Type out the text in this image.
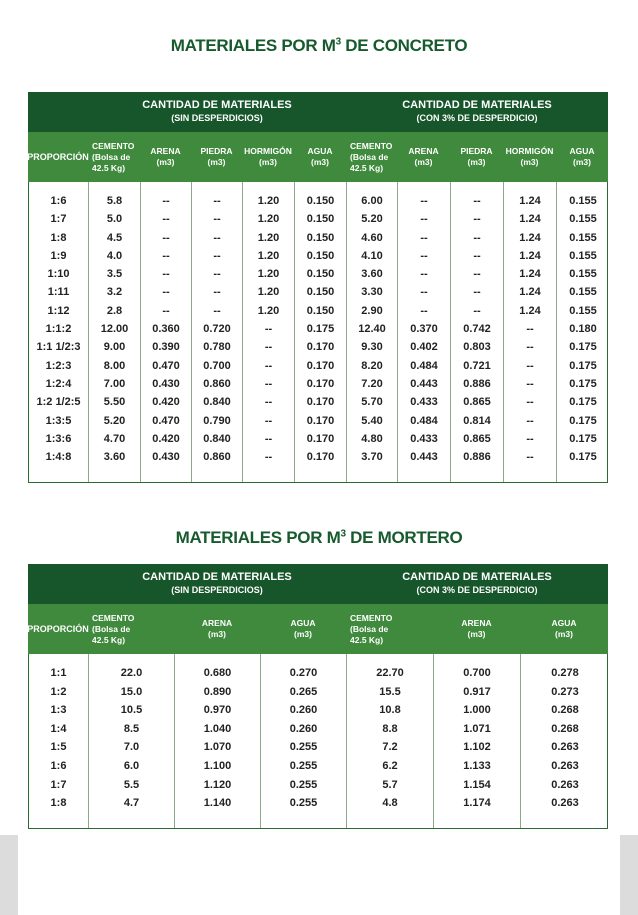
MATERIALES POR $M^3$ DE CONCRETO
CANTIDAD DE MATERIALES
(SIN DESPERDICIOS)
CANTIDAD DE MATERIALES
(CON 3% DE DESPERDICIO)
PROPORCIÓN
CEMENTO
(Bolsa de
42.5 Kg)
ARENA
(m3)
PIEDRA
(m3)
HORMIGÓN
(m3)
AGUA
(m3)
CEMENTO
(Bolsa de
42.5 Kg)
ARENA
(m3)
PIEDRA
(m3)
HORMIGÓN
(m3)
AGUA
(m3)
1:6
1:7
1:8
1:9
1:10
1:11
1:12
1:1:2
1:1 1/2:3
1:2:3
1:2:4
1:2 1/2:5
1:3:5
1:3:6
1:4:8
5.8
5.0
4.5
4.0
3.5
3.2
2.8
12.00
9.00
8.00
7.00
5.50
5.20
4.70
3.60
--
--
--
--
--
--
--
0.360
0.390
0.470
0.430
0.420
0.470
0.420
0.430
--
--
--
--
--
--
--
0.720
0.780
0.700
0.860
0.840
0.790
0.840
0.860
1.20
1.20
1.20
1.20
1.20
1.20
1.20
--
--
--
--
--
--
--
--
0.150
0.150
0.150
0.150
0.150
0.150
0.150
0.175
0.170
0.170
0.170
0.170
0.170
0.170
0.170
6.00
5.20
4.60
4.10
3.60
3.30
2.90
12.40
9.30
8.20
7.20
5.70
5.40
4.80
3.70
--
--
--
--
--
--
--
0.370
0.402
0.484
0.443
0.433
0.484
0.433
0.443
--
--
--
--
--
--
--
0.742
0.803
0.721
0.886
0.865
0.814
0.865
0.886
1.24
1.24
1.24
1.24
1.24
1.24
1.24
--
--
--
--
--
--
--
--
0.155
0.155
0.155
0.155
0.155
0.155
0.155
0.180
0.175
0.175
0.175
0.175
0.175
0.175
0.175
MATERIALES POR $M^3$ DE MORTERO
CANTIDAD DE MATERIALES
(SIN DESPERDICIOS)
CANTIDAD DE MATERIALES
(CON 3% DE DESPERDICIO)
PROPORCIÓN
CEMENTO
(Bolsa de
42.5 Kg)
ARENA
(m3)
AGUA
(m3)
CEMENTO
(Bolsa de
42.5 Kg)
ARENA
(m3)
AGUA
(m3)
1:1
1:2
1:3
1:4
1:5
1:6
1:7
1:8
22.0
15.0
10.5
8.5
7.0
6.0
5.5
4.7
0.680
0.890
0.970
1.040
1.070
1.100
1.120
1.140
0.270
0.265
0.260
0.260
0.255
0.255
0.255
0.255
22.70
15.5
10.8
8.8
7.2
6.2
5.7
4.8
0.700
0.917
1.000
1.071
1.102
1.133
1.154
1.174
0.278
0.273
0.268
0.268
0.263
0.263
0.263
0.263
